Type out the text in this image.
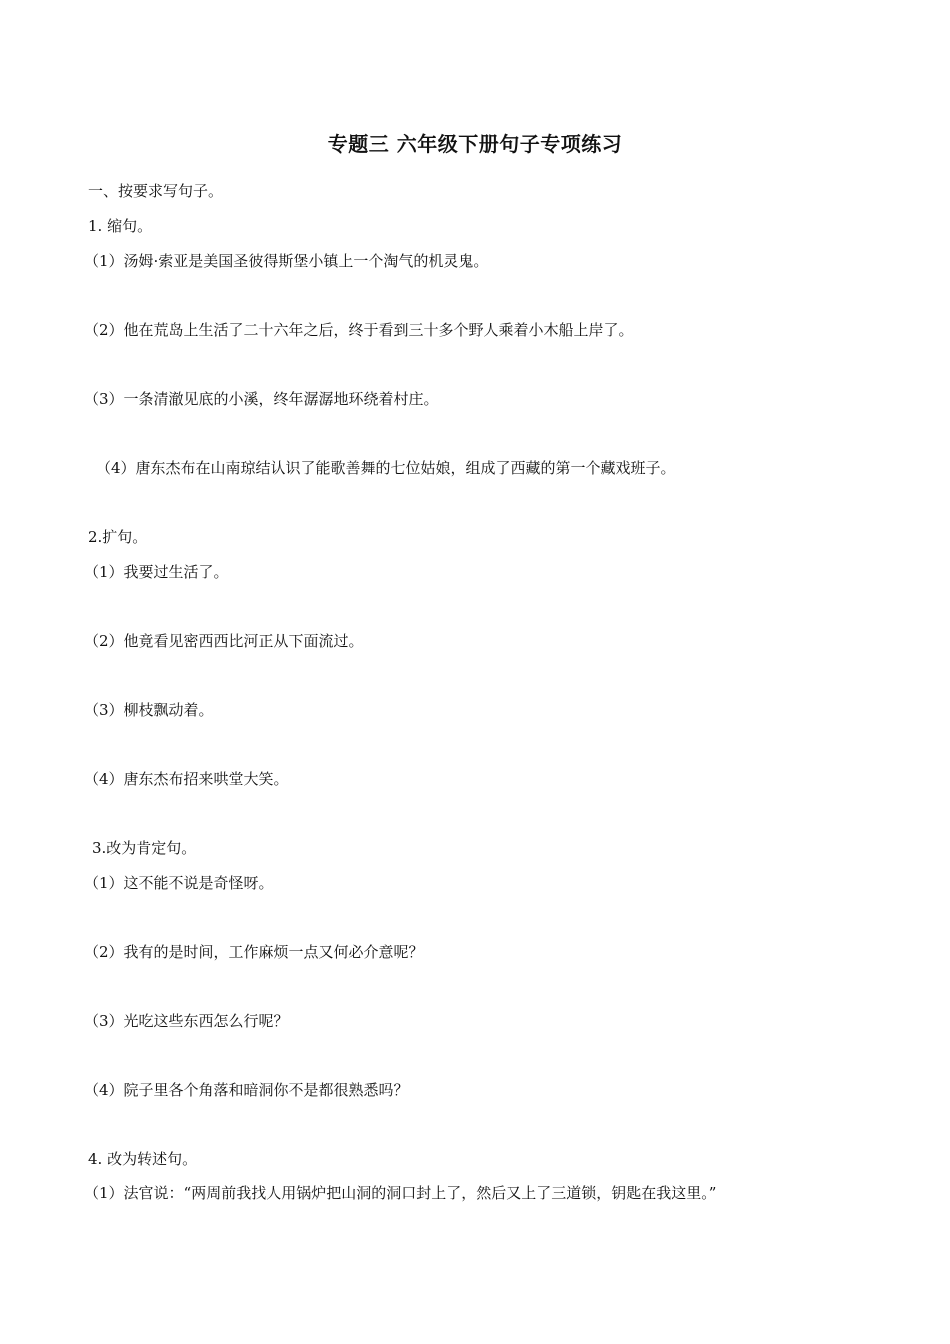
专题三 六年级下册句子专项练习
一、按要求写句子。
1. 缩句。
（1）汤姆·索亚是美国圣彼得斯堡小镇上一个淘气的机灵鬼。
（2）他在荒岛上生活了二十六年之后，终于看到三十多个野人乘着小木船上岸了。
（3）一条清澈见底的小溪，终年潺潺地环绕着村庄。
（4）唐东杰布在山南琼结认识了能歌善舞的七位姑娘，组成了西藏的第一个藏戏班子。
2.扩句。
（1）我要过生活了。
（2）他竟看见密西西比河正从下面流过。
（3）柳枝飘动着。
（4）唐东杰布招来哄堂大笑。
3.改为肯定句。
（1）这不能不说是奇怪呀。
（2）我有的是时间，工作麻烦一点又何必介意呢？
（3）光吃这些东西怎么行呢？
（4）院子里各个角落和暗洞你不是都很熟悉吗？
4. 改为转述句。
（1）法官说：“两周前我找人用锅炉把山洞的洞口封上了，然后又上了三道锁，钥匙在我这里。”
